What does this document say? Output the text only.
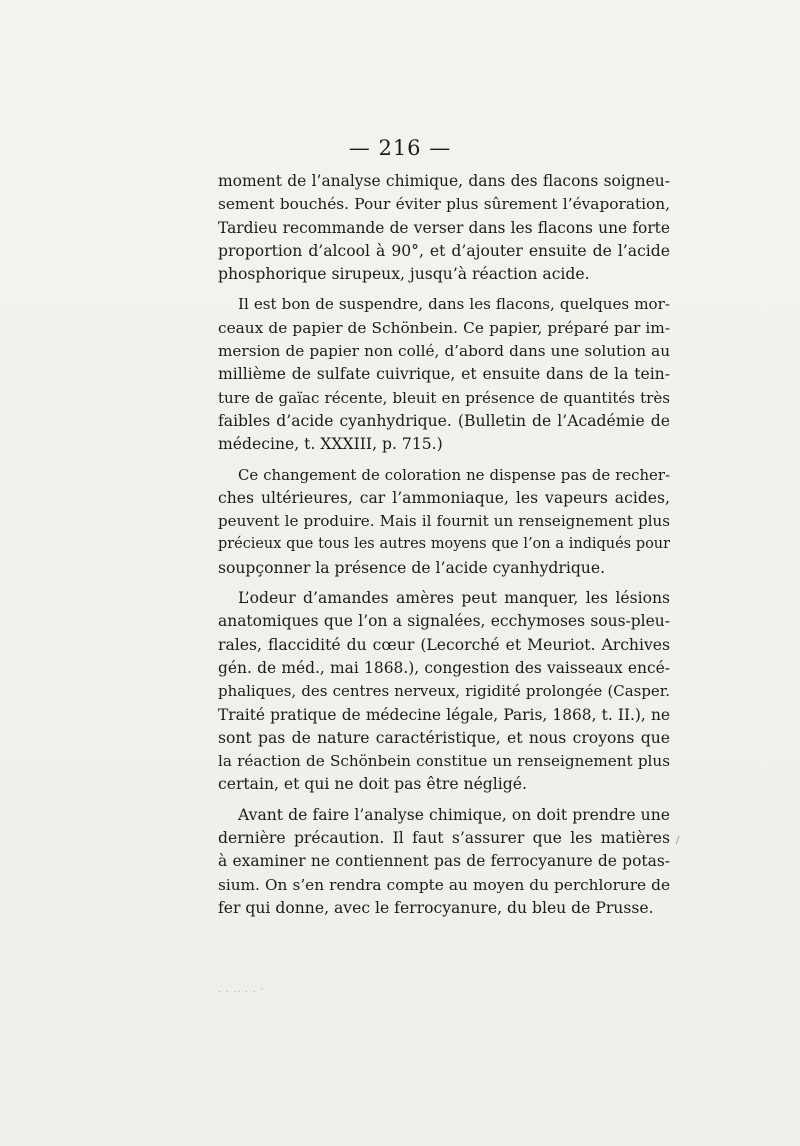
— 216 —
moment de l’analyse chimique, dans des flacons soigneu-
sement bouchés. Pour éviter plus sûrement l’évaporation,
Tardieu recommande de verser dans les flacons une forte
proportion d’alcool à 90°, et d’ajouter ensuite de l’acide
phosphorique sirupeux, jusqu’à réaction acide.
Il est bon de suspendre, dans les flacons, quelques mor-
ceaux de papier de Schönbein. Ce papier, préparé par im-
mersion de papier non collé, d’abord dans une solution au
millième de sulfate cuivrique, et ensuite dans de la tein-
ture de gaïac récente, bleuit en présence de quantités très
faibles d’acide cyanhydrique. (Bulletin de l’Académie de
médecine, t. XXXIII, p. 715.)
Ce changement de coloration ne dispense pas de recher-
ches ultérieures, car l’ammoniaque, les vapeurs acides,
peuvent le produire. Mais il fournit un renseignement plus
précieux que tous les autres moyens que l’on a indiqués pour
soupçonner la présence de l’acide cyanhydrique.
L’odeur d’amandes amères peut manquer, les lésions
anatomiques que l’on a signalées, ecchymoses sous-pleu-
rales, flaccidité du cœur (Lecorché et Meuriot. Archives
gén. de méd., mai 1868.), congestion des vaisseaux encé-
phaliques, des centres nerveux, rigidité prolongée (Casper.
Traité pratique de médecine légale, Paris, 1868, t. II.), ne
sont pas de nature caractéristique, et nous croyons que
la réaction de Schönbein constitue un renseignement plus
certain, et qui ne doit pas être négligé.
Avant de faire l’analyse chimique, on doit prendre une
dernière précaution. Il faut s’assurer que les matières
à examiner ne contiennent pas de ferrocyanure de potas-
sium. On s’en rendra compte au moyen du perchlorure de
fer qui donne, avec le ferrocyanure, du bleu de Prusse.
/
. . .. . . ·
